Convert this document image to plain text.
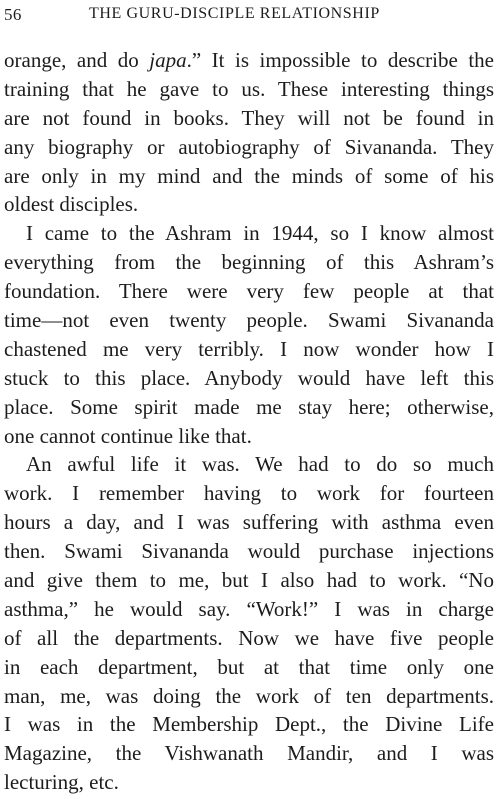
56	THE GURU-DISCIPLE RELATIONSHIP
orange, and do japa.” It is impossible to describe the
training that he gave to us. These interesting things
are not found in books. They will not be found in
any biography or autobiography of Sivananda. They
are only in my mind and the minds of some of his
oldest disciples.
I came to the Ashram in 1944, so I know almost
everything from the beginning of this Ashram’s
foundation. There were very few people at that
time—not even twenty people. Swami Sivananda
chastened me very terribly. I now wonder how I
stuck to this place. Anybody would have left this
place. Some spirit made me stay here; otherwise,
one cannot continue like that.
An awful life it was. We had to do so much
work. I remember having to work for fourteen
hours a day, and I was suffering with asthma even
then. Swami Sivananda would purchase injections
and give them to me, but I also had to work. “No
asthma,” he would say. “Work!” I was in charge
of all the departments. Now we have five people
in each department, but at that time only one
man, me, was doing the work of ten departments.
I was in the Membership Dept., the Divine Life
Magazine, the Vishwanath Mandir, and I was
lecturing, etc.
